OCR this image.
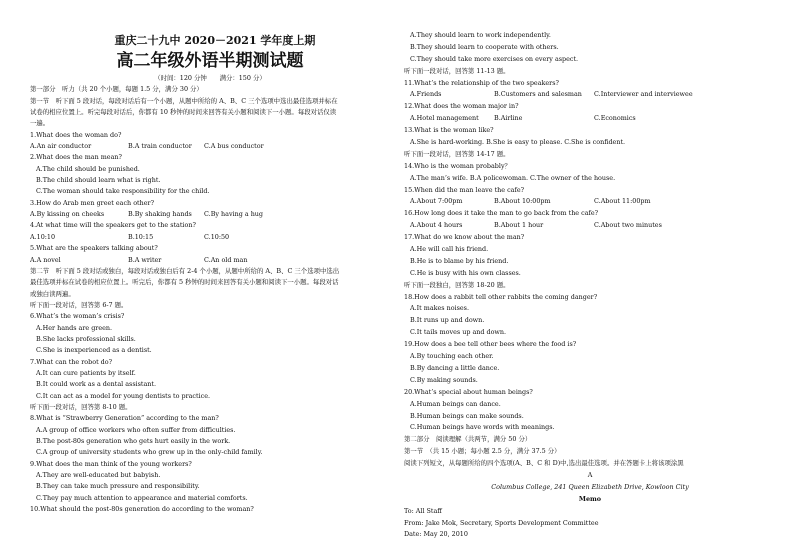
重庆二十九中 2020－2021 学年度上期
高二年级外语半期测试题
（时间：120 分钟　　满分：150 分）
第一部分　听力（共 20 个小题，每题 1.5 分，满分 30 分）
第一节　听下面 5 段对话，每段对话后有一个小题，从题中所给的 A、B、C 三个选项中选出最佳选项并标在
试卷的相应位置上。听完每段对话后，你都有 10 秒钟的时间来回答有关小题和阅读下一小题。每段对话仅读
一遍。
1.What does the woman do?
A.An air conductor	B.A train conductor	C.A bus conductor
2.What does the man mean?
A.The child should be punished.
B.The child should learn what is right.
C.The woman should take responsibility for the child.
3.How do Arab men greet each other?
A.By kissing on cheeks	B.By shaking hands	C.By having a hug
4.At what time will the speakers get to the station?
A.10:10	B.10:15	C.10:50
5.What are the speakers talking about?
A.A novel	B.A writer	C.An old man
第二节　听下面 5 段对话或独白，每段对话或独白后有 2-4 个小题，从题中所给的 A、B、C 三个选项中选出
最佳选项并标在试卷的相应位置上。听完后，你都有 5 秒钟的时间来回答有关小题和阅读下一小题。每段对话
或独白读两遍。
听下面一段对话，回答第 6-7 题。
6.What’s the woman’s crisis?
A.Her hands are green.
B.She lacks professional skills.
C.She is inexperienced as a dentist.
7.What can the robot do?
A.It can cure patients by itself.
B.It could work as a dental assistant.
C.It can act as a model for young dentists to practice.
听下面一段对话，回答第 8-10 题。
8.What is “Strawberry Generation” according to the man?
A.A group of office workers who often suffer from difficulties.
B.The post-80s generation who gets hurt easily in the work.
C.A group of university students who grew up in the only-child family.
9.What does the man think of the young workers?
A.They are well-educated but babyish.
B.They can take much pressure and responsibility.
C.They pay much attention to appearance and material comforts.
10.What should the post-80s generation do according to the woman?
A.They should learn to work independently.
B.They should learn to cooperate with others.
C.They should take more exercises on every aspect.
听下面一段对话，回答第 11-13 题。
11.What’s the relationship of the two speakers?
A.Friends	B.Customers and salesman	C.Interviewer and interviewee
12.What does the woman major in?
A.Hotel management	B.Airline	C.Economics
13.What is the woman like?
A.She is hard-working. B.She is easy to please. C.She is confident.
听下面一段对话，回答第 14-17 题。
14.Who is the woman probably？
A.The man’s wife. B.A policewoman. C.The owner of the house.
15.When did the man leave the cafe?
A.About 7:00pm	B.About 10:00pm	C.About 11:00pm
16.How long does it take the man to go back from the cafe?
A.About 4 hours	B.About 1 hour	C.About two minutes
17.What do we know about the man?
A.He will call his friend.
B.He is to blame by his friend.
C.He is busy with his own classes.
听下面一段独白，回答第 18-20 题。
18.How does a rabbit tell other rabbits the coming danger?
A.It makes noises.
B.It runs up and down.
C.It tails moves up and down.
19.How does a bee tell other bees where the food is?
A.By touching each other.
B.By dancing a little dance.
C.By making sounds.
20.What’s special about human beings?
A.Human beings can dance.
B.Human beings can make sounds.
C.Human beings have words with meanings.
第二部分　阅读理解（共两节，满分 50 分）
第一节　（共 15 小题；每小题 2.5 分，满分 37.5 分）
阅读下列短文，从每题所给的四个选项(A、B、C 和 D)中,选出最佳选项。并在答题卡上将该项涂黑
A
Columbus College, 241 Queen Elizabeth Drive, Kowloon City
Memo
To: All Staff
From: Jake Mok, Secretary, Sports Development Committee
Date: May 20, 2010
